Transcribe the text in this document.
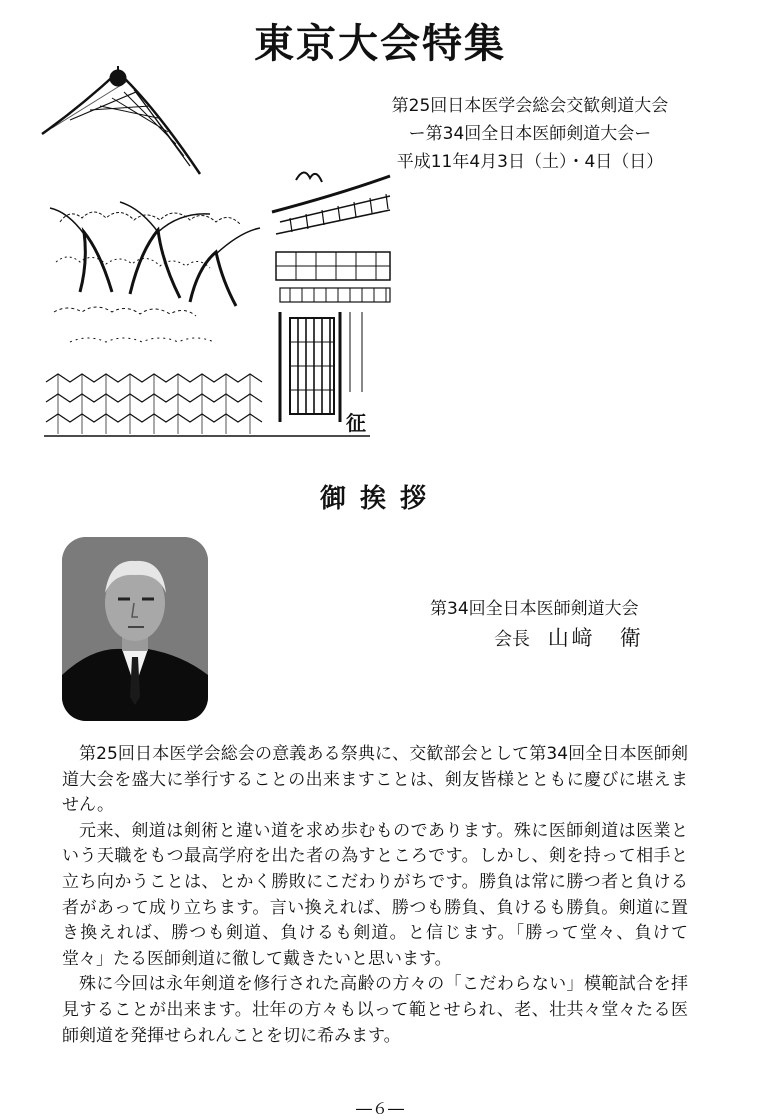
東京大会特集
第25回日本医学会総会交歓剣道大会
ー第34回全日本医師剣道大会ー
平成11年4月3日（土）・4日（日）
征
御挨拶
第34回全日本医師剣道大会
会長 山﨑　衛

第25回日本医学会総会の意義ある祭典に、交歓部会として第34回全日本医師剣道大会を盛大に挙行することの出来ますことは、剣友皆様とともに慶びに堪えません。

元来、剣道は剣術と違い道を求め歩むものであります。殊に医師剣道は医業という天職をもつ最高学府を出た者の為すところです。しかし、剣を持って相手と立ち向かうことは、とかく勝敗にこだわりがちです。勝負は常に勝つ者と負ける者があって成り立ちます。言い換えれば、勝つも勝負、負けるも勝負。剣道に置き換えれば、勝つも剣道、負けるも剣道。と信じます。「勝って堂々、負けて堂々」たる医師剣道に徹して戴きたいと思います。

殊に今回は永年剣道を修行された高齢の方々の「こだわらない」模範試合を拝見することが出来ます。壮年の方々も以って範とせられ、老、壮共々堂々たる医師剣道を発揮せられんことを切に希みます。

―６―
